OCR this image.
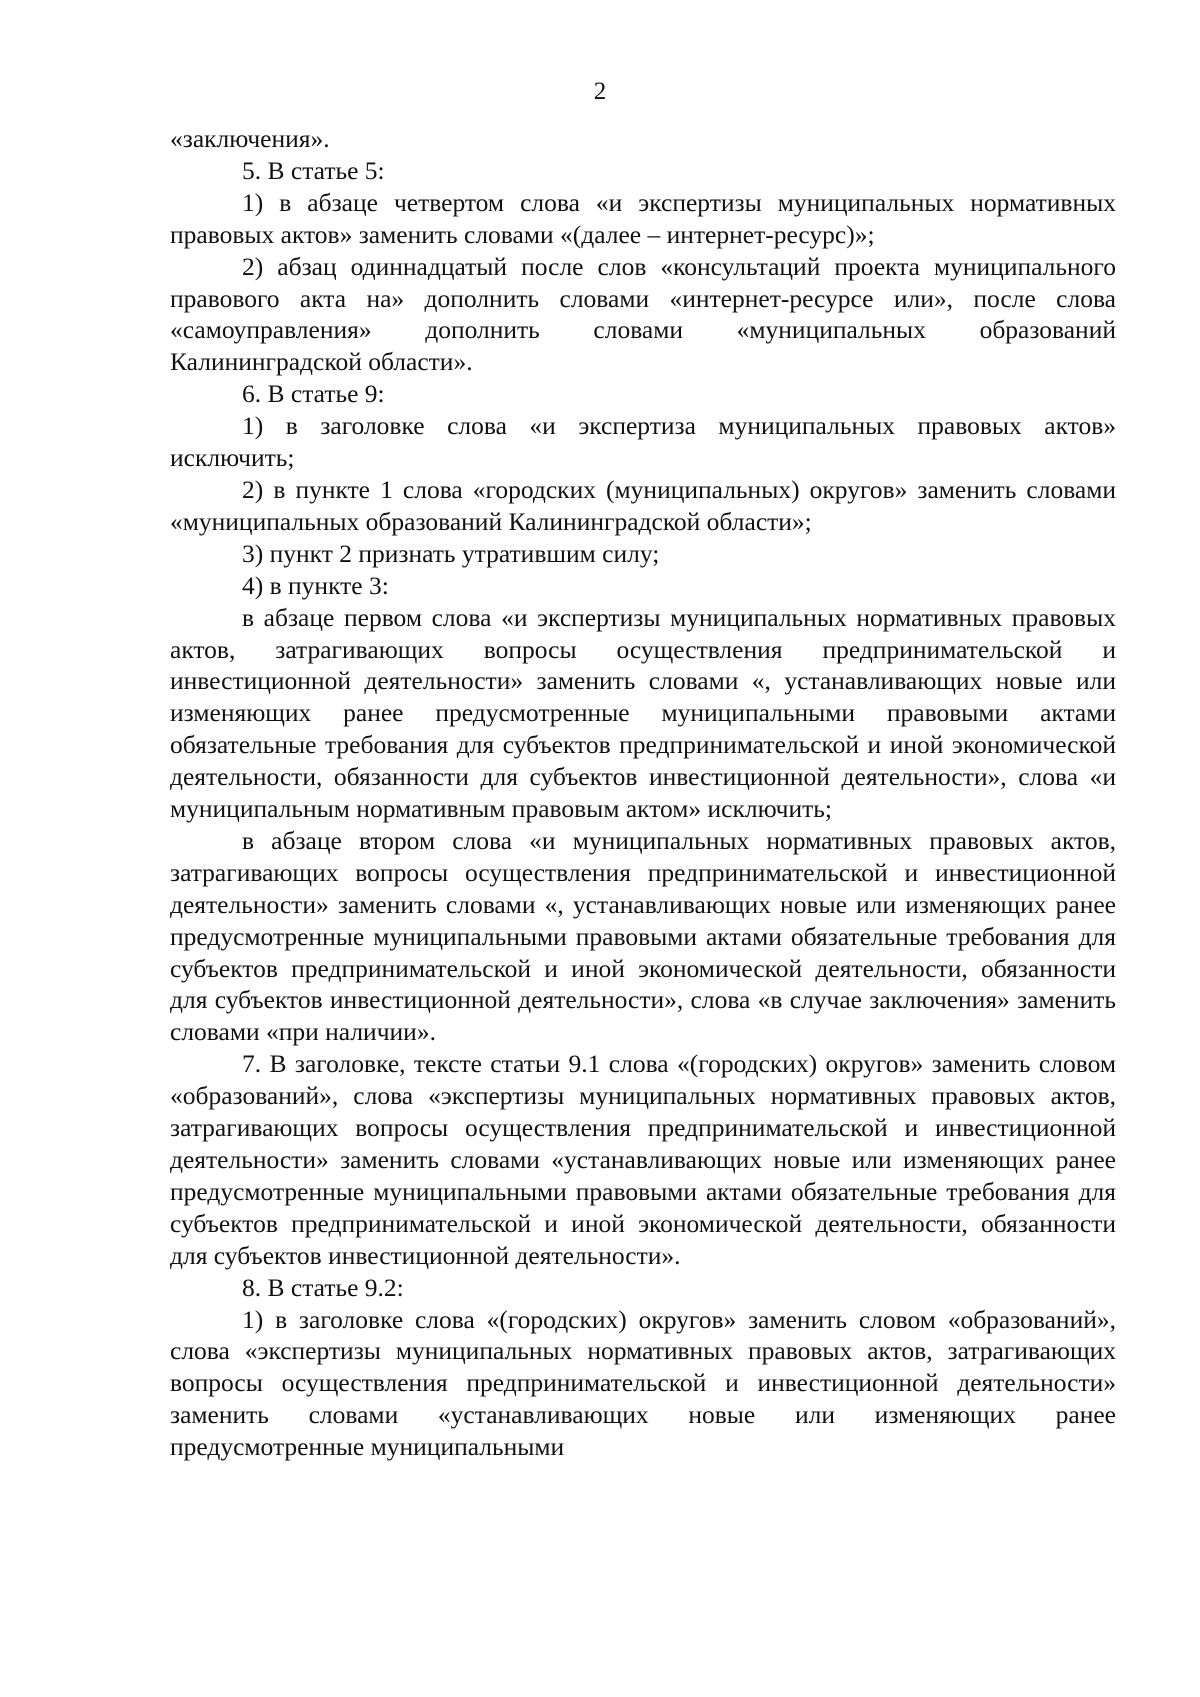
2

«заключения».

5. В статье 5:

1) в абзаце четвертом слова «и экспертизы муниципальных нормативных правовых актов» заменить словами «(далее – интернет-ресурс)»;

2) абзац одиннадцатый после слов «консультаций проекта муниципального правового акта на» дополнить словами «интернет-ресурсе или», после слова «самоуправления» дополнить словами «муниципальных образований Калининградской области».

6. В статье 9:

1) в заголовке слова «и экспертиза муниципальных правовых актов» исключить;

2) в пункте 1 слова «городских (муниципальных) округов» заменить словами «муниципальных образований Калининградской области»;

3) пункт 2 признать утратившим силу;

4) в пункте 3:

в абзаце первом слова «и экспертизы муниципальных нормативных правовых актов, затрагивающих вопросы осуществления предпринимательской и инвестиционной деятельности» заменить словами «, устанавливающих новые или изменяющих ранее предусмотренные муниципальными правовыми актами обязательные требования для субъектов предпринимательской и иной экономической деятельности, обязанности для субъектов инвестиционной деятельности», слова «и муниципальным нормативным правовым актом» исключить;

в абзаце втором слова «и муниципальных нормативных правовых актов, затрагивающих вопросы осуществления предпринимательской и инвестиционной деятельности» заменить словами «, устанавливающих новые или изменяющих ранее предусмотренные муниципальными правовыми актами обязательные требования для субъектов предпринимательской и иной экономической деятельности, обязанности для субъектов инвестиционной деятельности», слова «в случае заключения» заменить словами «при наличии».

7. В заголовке, тексте статьи 9.1 слова «(городских) округов» заменить словом «образований», слова «экспертизы муниципальных нормативных правовых актов, затрагивающих вопросы осуществления предпринимательской и инвестиционной деятельности» заменить словами «устанавливающих новые или изменяющих ранее предусмотренные муниципальными правовыми актами обязательные требования для субъектов предпринимательской и иной экономической деятельности, обязанности для субъектов инвестиционной деятельности».

8. В статье 9.2:

1) в заголовке слова «(городских) округов» заменить словом «образований», слова «экспертизы муниципальных нормативных правовых актов, затрагивающих вопросы осуществления предпринимательской и инвестиционной деятельности» заменить словами «устанавливающих новые или изменяющих ранее предусмотренные муниципальными
